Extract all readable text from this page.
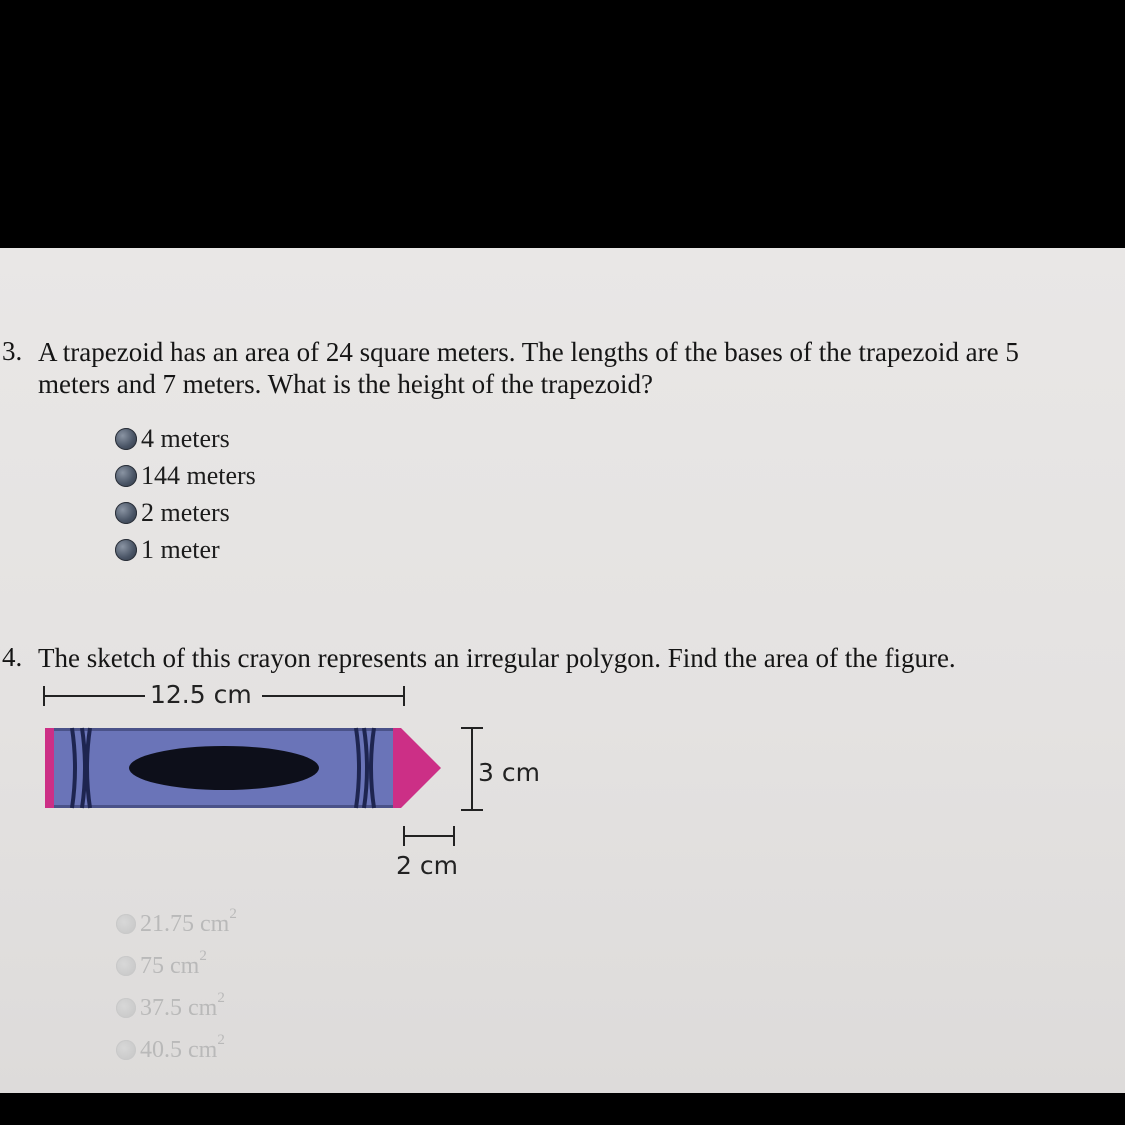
3. A trapezoid has an area of 24 square meters. The lengths of the bases of the trapezoid are 5
meters and 7 meters. What is the height of the trapezoid?
4 meters
144 meters
2 meters
1 meter
4. The sketch of this crayon represents an irregular polygon. Find the area of the figure.
12.5 cm
3 cm
2 cm
21.75 $cm^2$
75 $cm^2$
37.5 $cm^2$
40.5 $cm^2$
